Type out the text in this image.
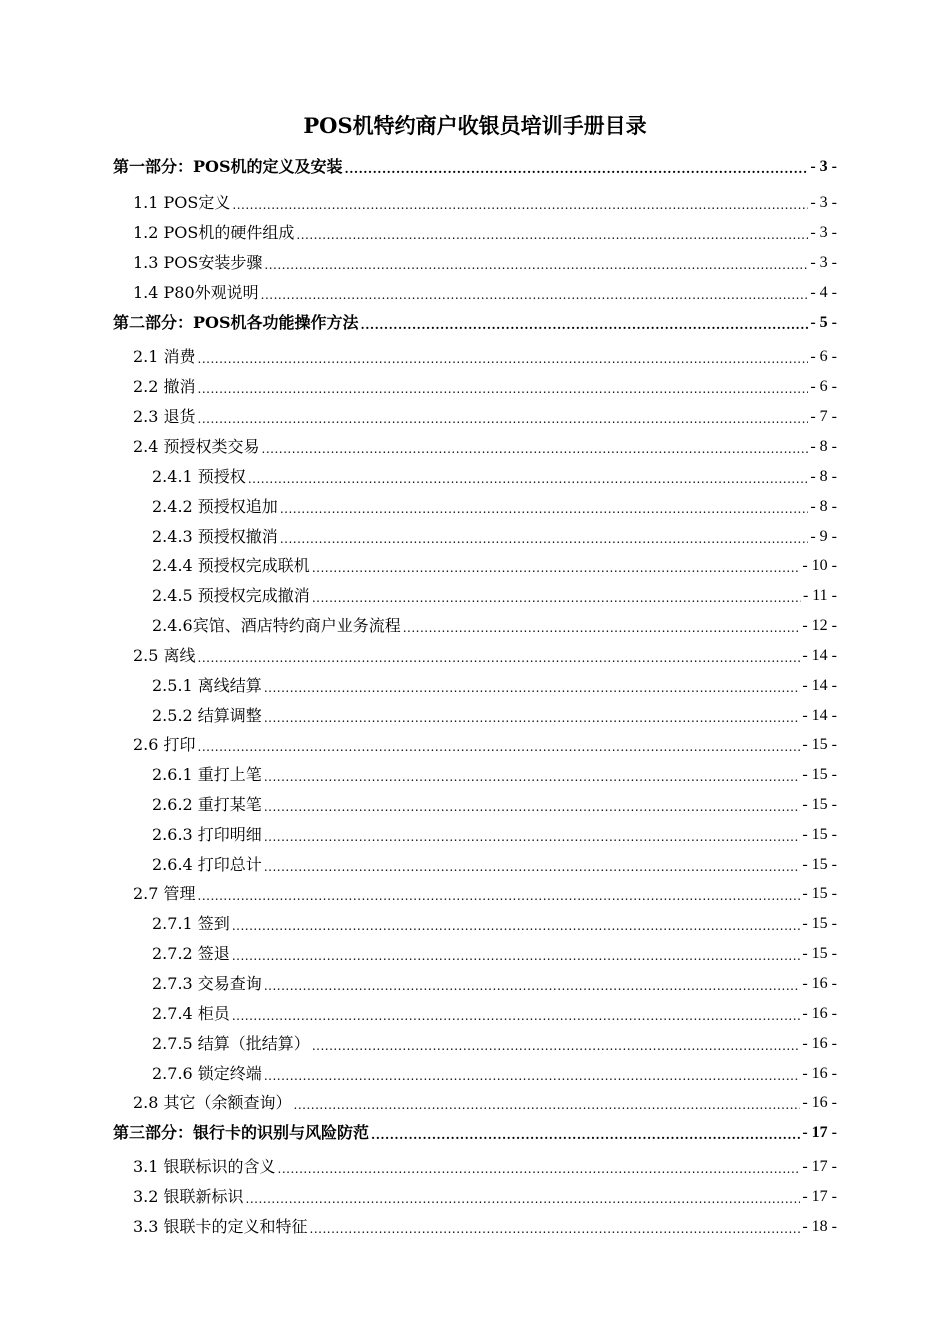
POS机特约商户收银员培训手册目录
第一部分：POS机的定义及安装 .....	- 3 -
1.1 POS定义 .....	- 3 -
1.2 POS机的硬件组成 .....	- 3 -
1.3 POS安装步骤 .....	- 3 -
1.4 P80外观说明 .....	- 4 -
第二部分：POS机各功能操作方法 .....	- 5 -
2.1 消费 .....	- 6 -
2.2 撤消 .....	- 6 -
2.3 退货 .....	- 7 -
2.4 预授权类交易 .....	- 8 -
2.4.1 预授权 .....	- 8 -
2.4.2 预授权追加 .....	- 8 -
2.4.3 预授权撤消 .....	- 9 -
2.4.4 预授权完成联机 .....	- 10 -
2.4.5 预授权完成撤消 .....	- 11 -
2.4.6宾馆、酒店特约商户业务流程 .....	- 12 -
2.5 离线 .....	- 14 -
2.5.1 离线结算 .....	- 14 -
2.5.2 结算调整 .....	- 14 -
2.6 打印 .....	- 15 -
2.6.1 重打上笔 .....	- 15 -
2.6.2 重打某笔 .....	- 15 -
2.6.3 打印明细 .....	- 15 -
2.6.4 打印总计 .....	- 15 -
2.7 管理 .....	- 15 -
2.7.1 签到 .....	- 15 -
2.7.2 签退 .....	- 15 -
2.7.3 交易查询 .....	- 16 -
2.7.4 柜员 .....	- 16 -
2.7.5 结算（批结算） .....	- 16 -
2.7.6 锁定终端 .....	- 16 -
2.8 其它（余额查询） .....	- 16 -
第三部分：银行卡的识别与风险防范 .....	- 17 -
3.1 银联标识的含义 .....	- 17 -
3.2 银联新标识 .....	- 17 -
3.3 银联卡的定义和特征 .....	- 18 -
